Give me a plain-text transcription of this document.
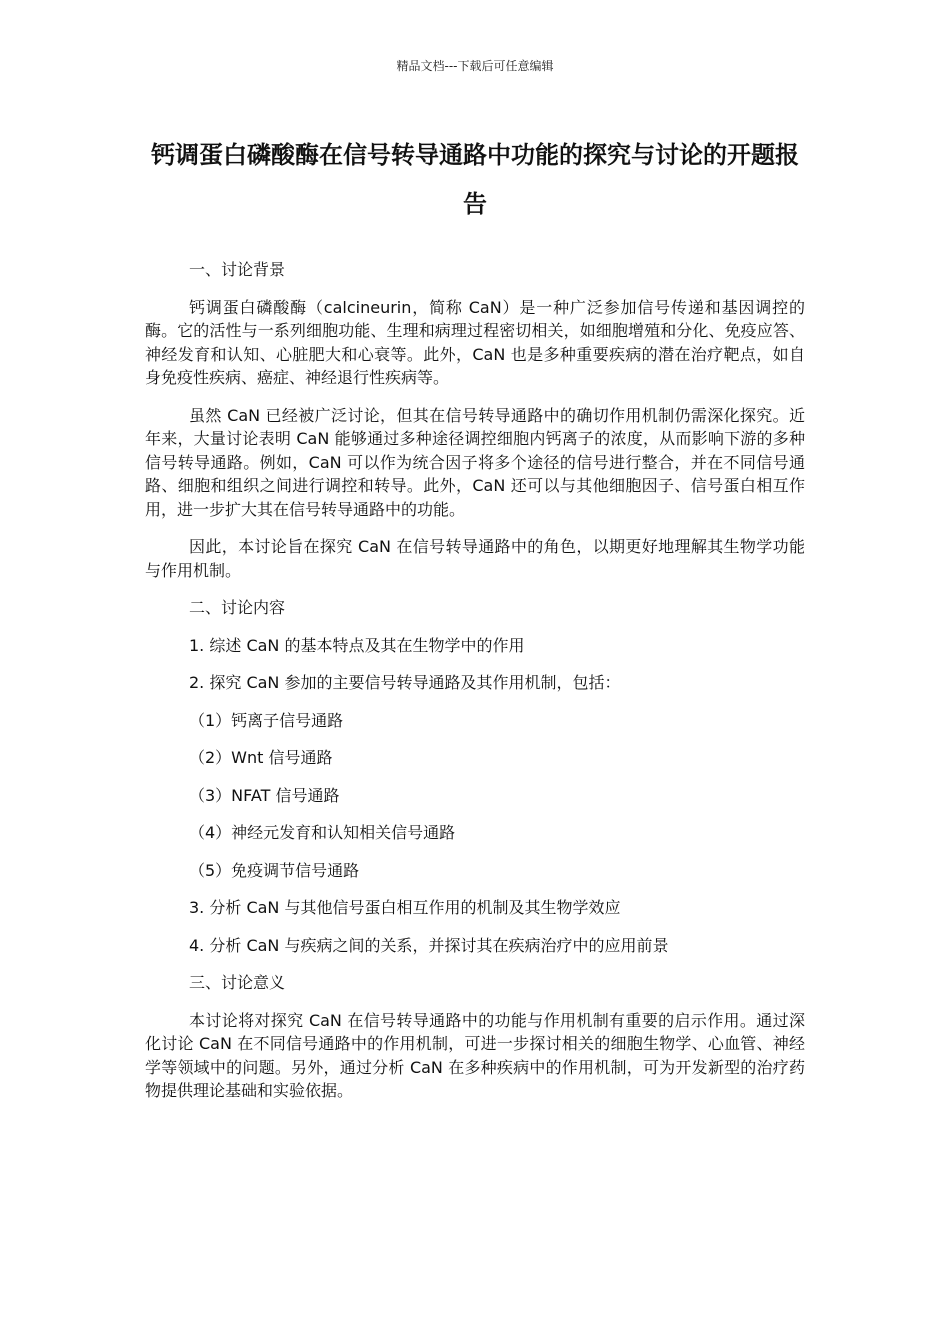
精品文档---下载后可任意编辑
钙调蛋白磷酸酶在信号转导通路中功能的探究与讨论的开题报告

一、讨论背景

钙调蛋白磷酸酶（calcineurin，简称 CaN）是一种广泛参加信号传递和基因调控的酶。它的活性与一系列细胞功能、生理和病理过程密切相关，如细胞增殖和分化、免疫应答、神经发育和认知、心脏肥大和心衰等。此外，CaN 也是多种重要疾病的潜在治疗靶点，如自身免疫性疾病、癌症、神经退行性疾病等。

虽然 CaN 已经被广泛讨论，但其在信号转导通路中的确切作用机制仍需深化探究。近年来，大量讨论表明 CaN 能够通过多种途径调控细胞内钙离子的浓度，从而影响下游的多种信号转导通路。例如，CaN 可以作为统合因子将多个途径的信号进行整合，并在不同信号通路、细胞和组织之间进行调控和转导。此外，CaN 还可以与其他细胞因子、信号蛋白相互作用，进一步扩大其在信号转导通路中的功能。

因此，本讨论旨在探究 CaN 在信号转导通路中的角色，以期更好地理解其生物学功能与作用机制。

二、讨论内容

1. 综述 CaN 的基本特点及其在生物学中的作用

2. 探究 CaN 参加的主要信号转导通路及其作用机制，包括：

（1）钙离子信号通路

（2）Wnt 信号通路

（3）NFAT 信号通路

（4）神经元发育和认知相关信号通路

（5）免疫调节信号通路

3. 分析 CaN 与其他信号蛋白相互作用的机制及其生物学效应

4. 分析 CaN 与疾病之间的关系，并探讨其在疾病治疗中的应用前景

三、讨论意义

本讨论将对探究 CaN 在信号转导通路中的功能与作用机制有重要的启示作用。通过深化讨论 CaN 在不同信号通路中的作用机制，可进一步探讨相关的细胞生物学、心血管、神经学等领域中的问题。另外，通过分析 CaN 在多种疾病中的作用机制，可为开发新型的治疗药物提供理论基础和实验依据。
